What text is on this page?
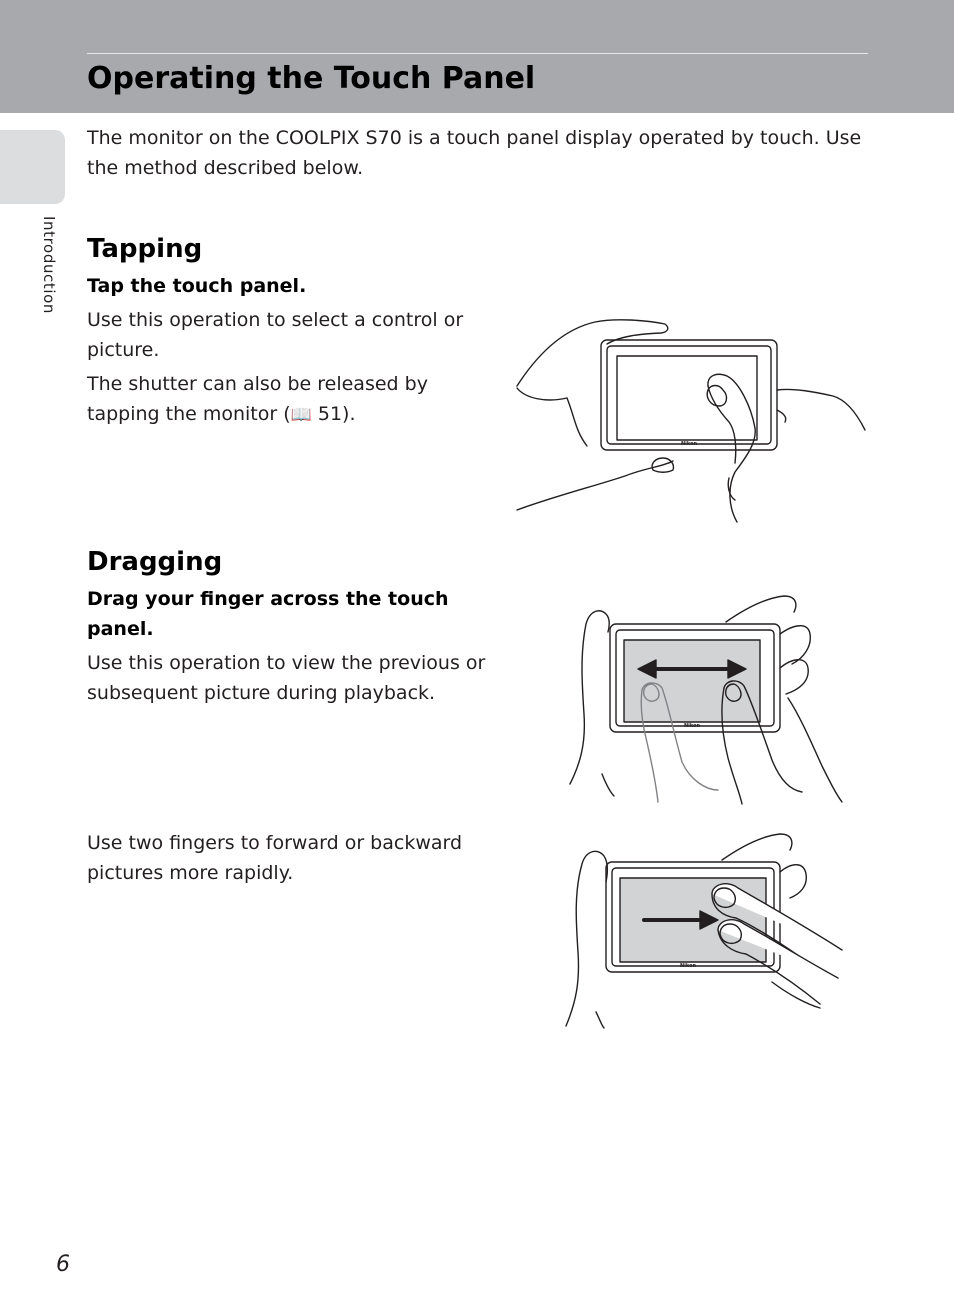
Operating the Touch Panel
Introduction

The monitor on the COOLPIX S70 is a touch panel display operated by touch. Use the method described below.

Tapping
Tap the touch panel.

Use this operation to select a control or picture.

The shutter can also be released by tapping the monitor (📖 51).

Nikon
Dragging
Drag your finger across the touch panel.

Use this operation to view the previous or subsequent picture during playback.

Nikon

Use two fingers to forward or backward pictures more rapidly.

Nikon
6
